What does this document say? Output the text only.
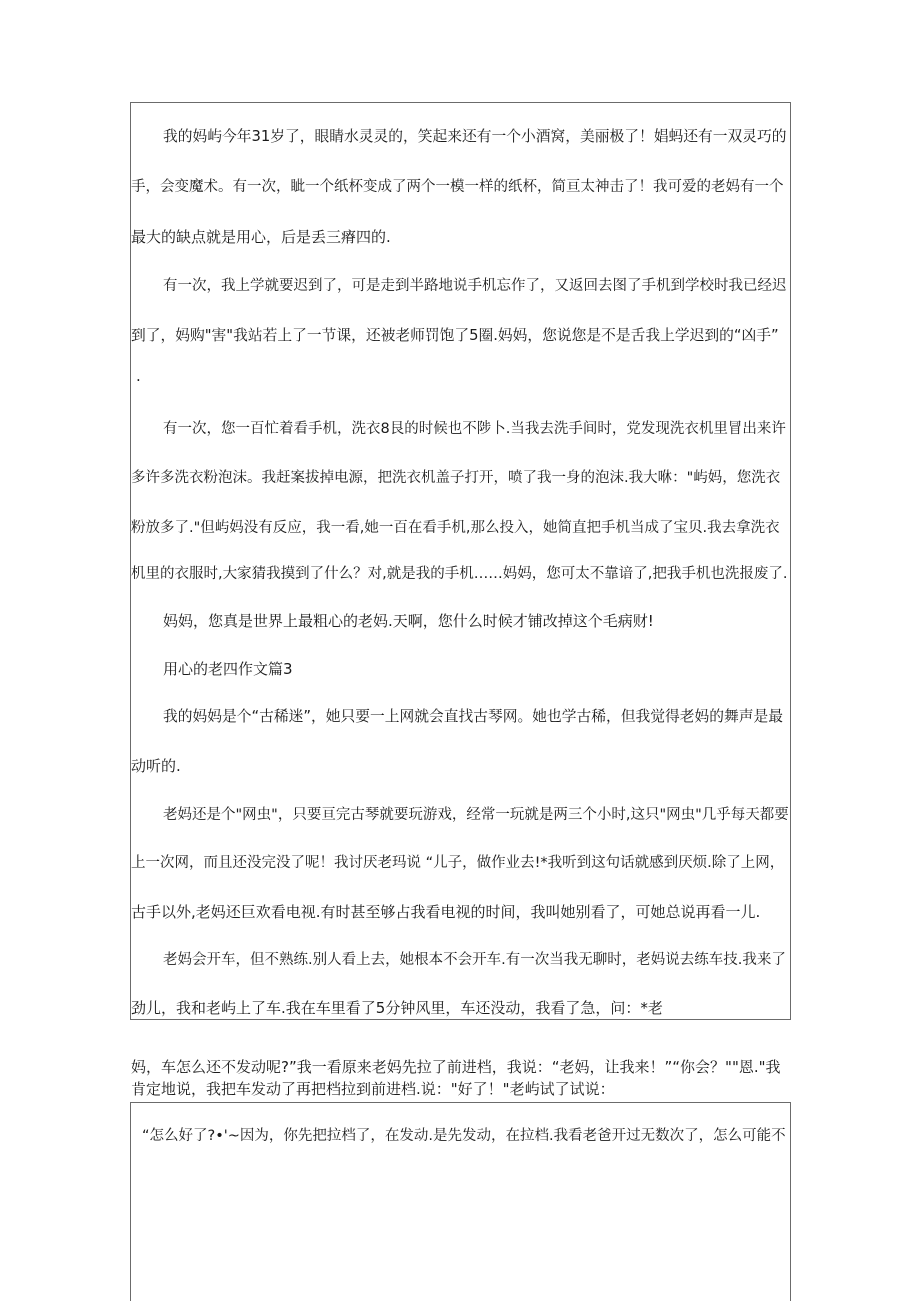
我的妈屿今年31岁了，眼睛水灵灵的，笑起来还有一个小酒窝，美丽极了！娼蚂还有一双灵巧的
手，会变魔术。有一次，眦一个纸杯变成了两个一模一样的纸杯，简亘太神击了！我可爱的老妈有一个
最大的缺点就是用心，后是丢三瘠四的.
有一次，我上学就要迟到了，可是走到半路地说手机忘作了，又返回去图了手机到学校时我已经迟
到了，妈购"害"我站若上了一节课，还被老师罚饱了5圈.妈妈，您说您是不是舌我上学迟到的“凶手”
.
有一次，您一百忙着看手机，洗衣8艮的时候也不陟卜.当我去洗手间时，党发现洗衣机里冒出来许
多许多洗衣粉泡沫。我赶案拔掉电源，把洗衣机盖子打开，喷了我一身的泡沫.我大咻："屿妈，您洗衣
粉放多了."但屿妈没有反应，我一看,她一百在看手机,那么投入，她简直把手机当成了宝贝.我去拿洗衣
机里的衣服时,大家猜我摸到了什么？对,就是我的手机……妈妈，您可太不靠谙了,把我手机也洗报废了.
妈妈，您真是世界上最粗心的老妈.天啊，您什么时候才铺改掉这个毛病财!
用心的老四作文篇3
我的妈妈是个“古稀迷”，她只要一上网就会直找古琴网。她也学古稀，但我觉得老妈的舞声是最
动听的.
老妈还是个"网虫"，只要亘完古琴就要玩游戏，经常一玩就是两三个小时,这只"网虫"几乎每天都要
上一次网，而且还没完没了呢！我讨厌老玛说 “儿子，做作业去!*我听到这句话就感到厌烦.除了上网，
古手以外,老妈还巨欢看电视.有时甚至够占我看电视的时间，我叫她别看了，可她总说再看一儿.
老妈会开车，但不熟练.别人看上去，她根本不会开车.有一次当我无聊时，老妈说去练车技.我来了
劲儿，我和老屿上了车.我在车里看了5分钟风里，车还没动，我看了急，问：*老
妈，车怎么还不发动呢?”我一看原来老妈先拉了前进档，我说：“老妈，让我来！”“你会？""恩."我
肯定地说，我把车发动了再把档拉到前进档.说："好了！"老屿试了试说：
“怎么好了?•'~因为，你先把拉档了，在发动.是先发动，在拉档.我看老爸开过无数次了，怎么可能不
